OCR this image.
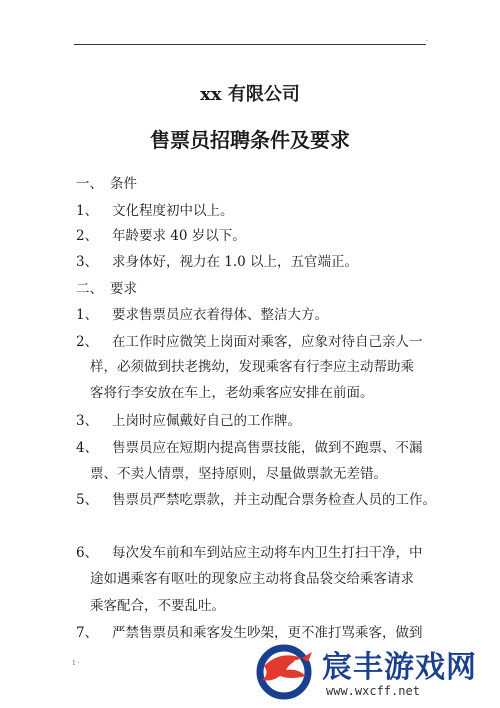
·
xx 有限公司
售票员招聘条件及要求
一、 条件
1、 文化程度初中以上。
2、 年龄要求 40 岁以下。
3、 求身体好，视力在 1.0 以上，五官端正。
二、 要求
1、 要求售票员应衣着得体、整洁大方。
2、 在工作时应微笑上岗面对乘客，应象对待自己亲人一
样，必须做到扶老携幼，发现乘客有行李应主动帮助乘
客将行李安放在车上，老幼乘客应安排在前面。
3、 上岗时应佩戴好自己的工作牌。
4、 售票员应在短期内提高售票技能，做到不跑票、不漏
票、不卖人情票，坚持原则，尽量做票款无差错。
5、 售票员严禁吃票款，并主动配合票务检查人员的工作。
6、 每次发车前和车到站应主动将车内卫生打扫干净，中
途如遇乘客有呕吐的现象应主动将食品袋交给乘客请求
乘客配合，不要乱吐。
7、 严禁售票员和乘客发生吵架，更不准打骂乘客，做到
1 ·	宸丰游戏网
www.wxcff.net
